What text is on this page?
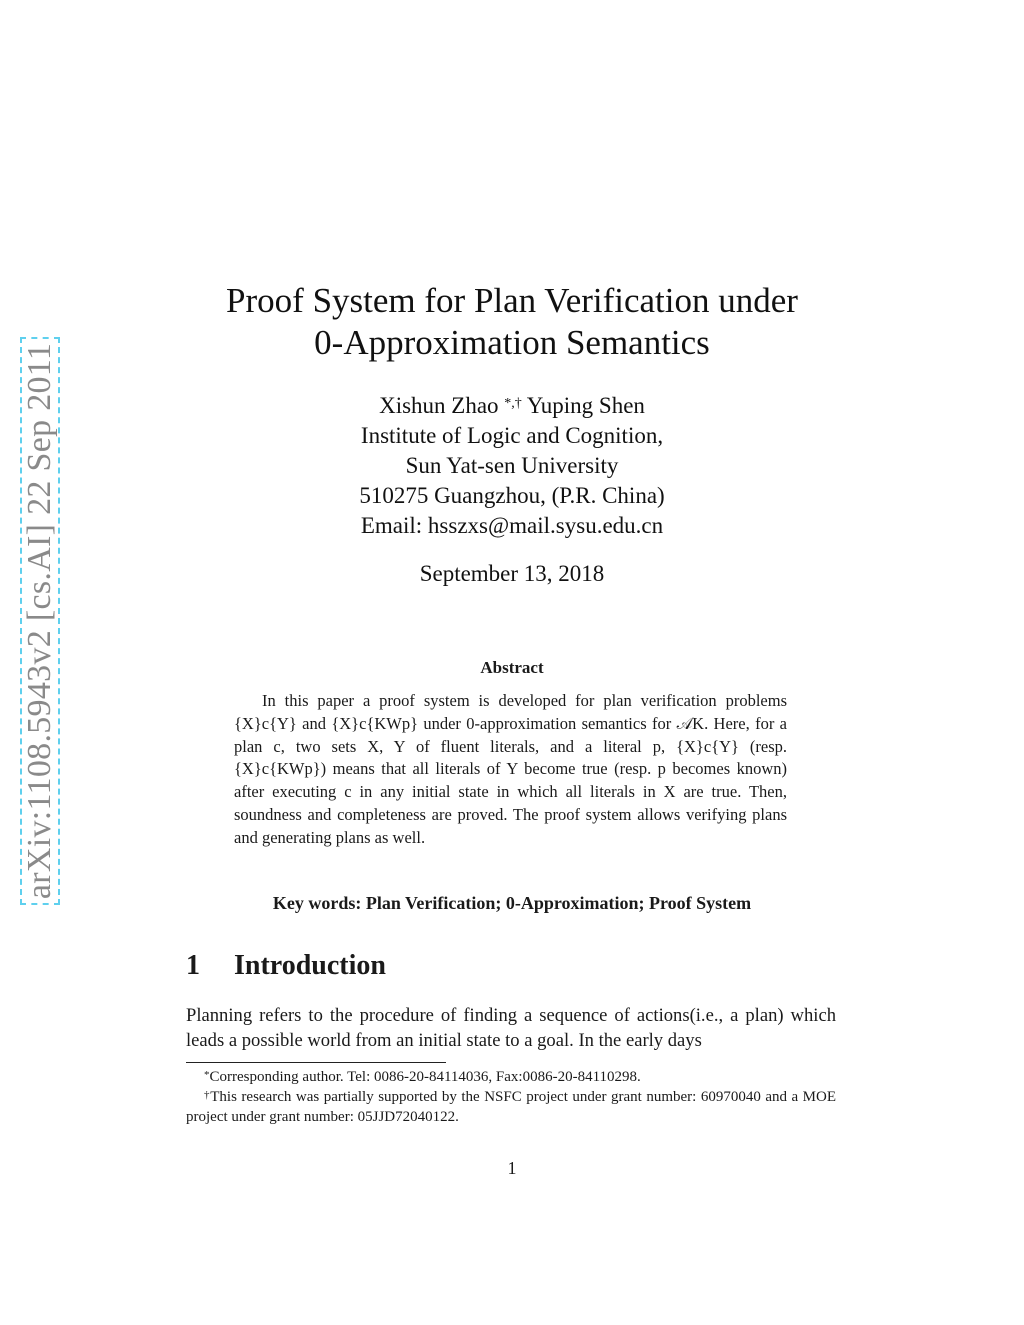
arXiv:1108.5943v2 [cs.AI] 22 Sep 2011
Proof System for Plan Verification under
0-Approximation Semantics
Xishun Zhao *,† Yuping Shen
Institute of Logic and Cognition,
Sun Yat-sen University
510275 Guangzhou, (P.R. China)
Email: hsszxs@mail.sysu.edu.cn
September 13, 2018
Abstract
In this paper a proof system is developed for plan verification problems {X}c{Y} and {X}c{KWp} under 0-approximation semantics for 𝒜K. Here, for a plan c, two sets X, Y of fluent literals, and a literal p, {X}c{Y} (resp. {X}c{KWp}) means that all literals of Y become true (resp. p becomes known) after executing c in any initial state in which all literals in X are true. Then, soundness and completeness are proved. The proof system allows verifying plans and generating plans as well.
Key words: Plan Verification; 0-Approximation; Proof System
1 Introduction
Planning refers to the procedure of finding a sequence of actions(i.e., a plan) which leads a possible world from an initial state to a goal. In the early days

*Corresponding author. Tel: 0086-20-84114036, Fax:0086-20-84110298.

†This research was partially supported by the NSFC project under grant number: 60970040 and a MOE project under grant number: 05JJD72040122.

1
